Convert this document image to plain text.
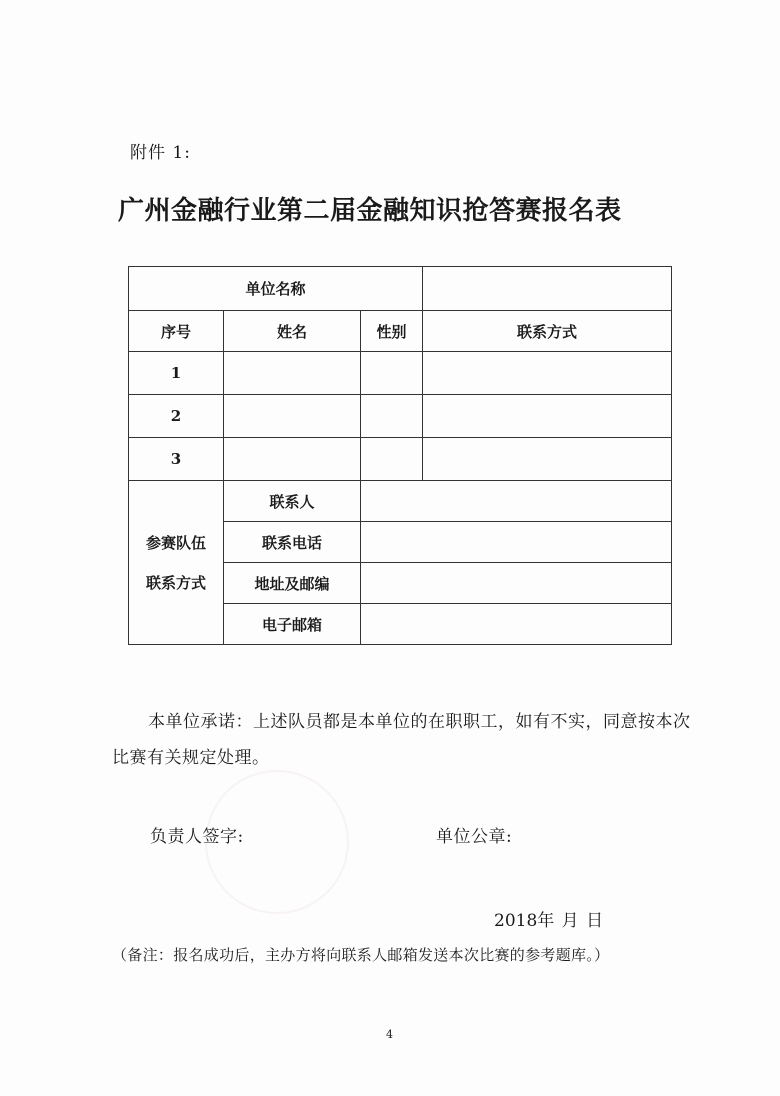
附件 1:
广州金融行业第二届金融知识抢答赛报名表
单位名称			
序号	姓名	性别	联系方式
1			
2			
3			

参赛队伍
联系方式	联系人		
	联系电话		
	地址及邮编		
	电子邮箱		
本单位承诺：上述队员都是本单位的在职职工，如有不实，同意按本次比赛有关规定处理。
负责人签字:	单位公章:
2018年 月 日
（备注：报名成功后，主办方将向联系人邮箱发送本次比赛的参考题库。）
4
